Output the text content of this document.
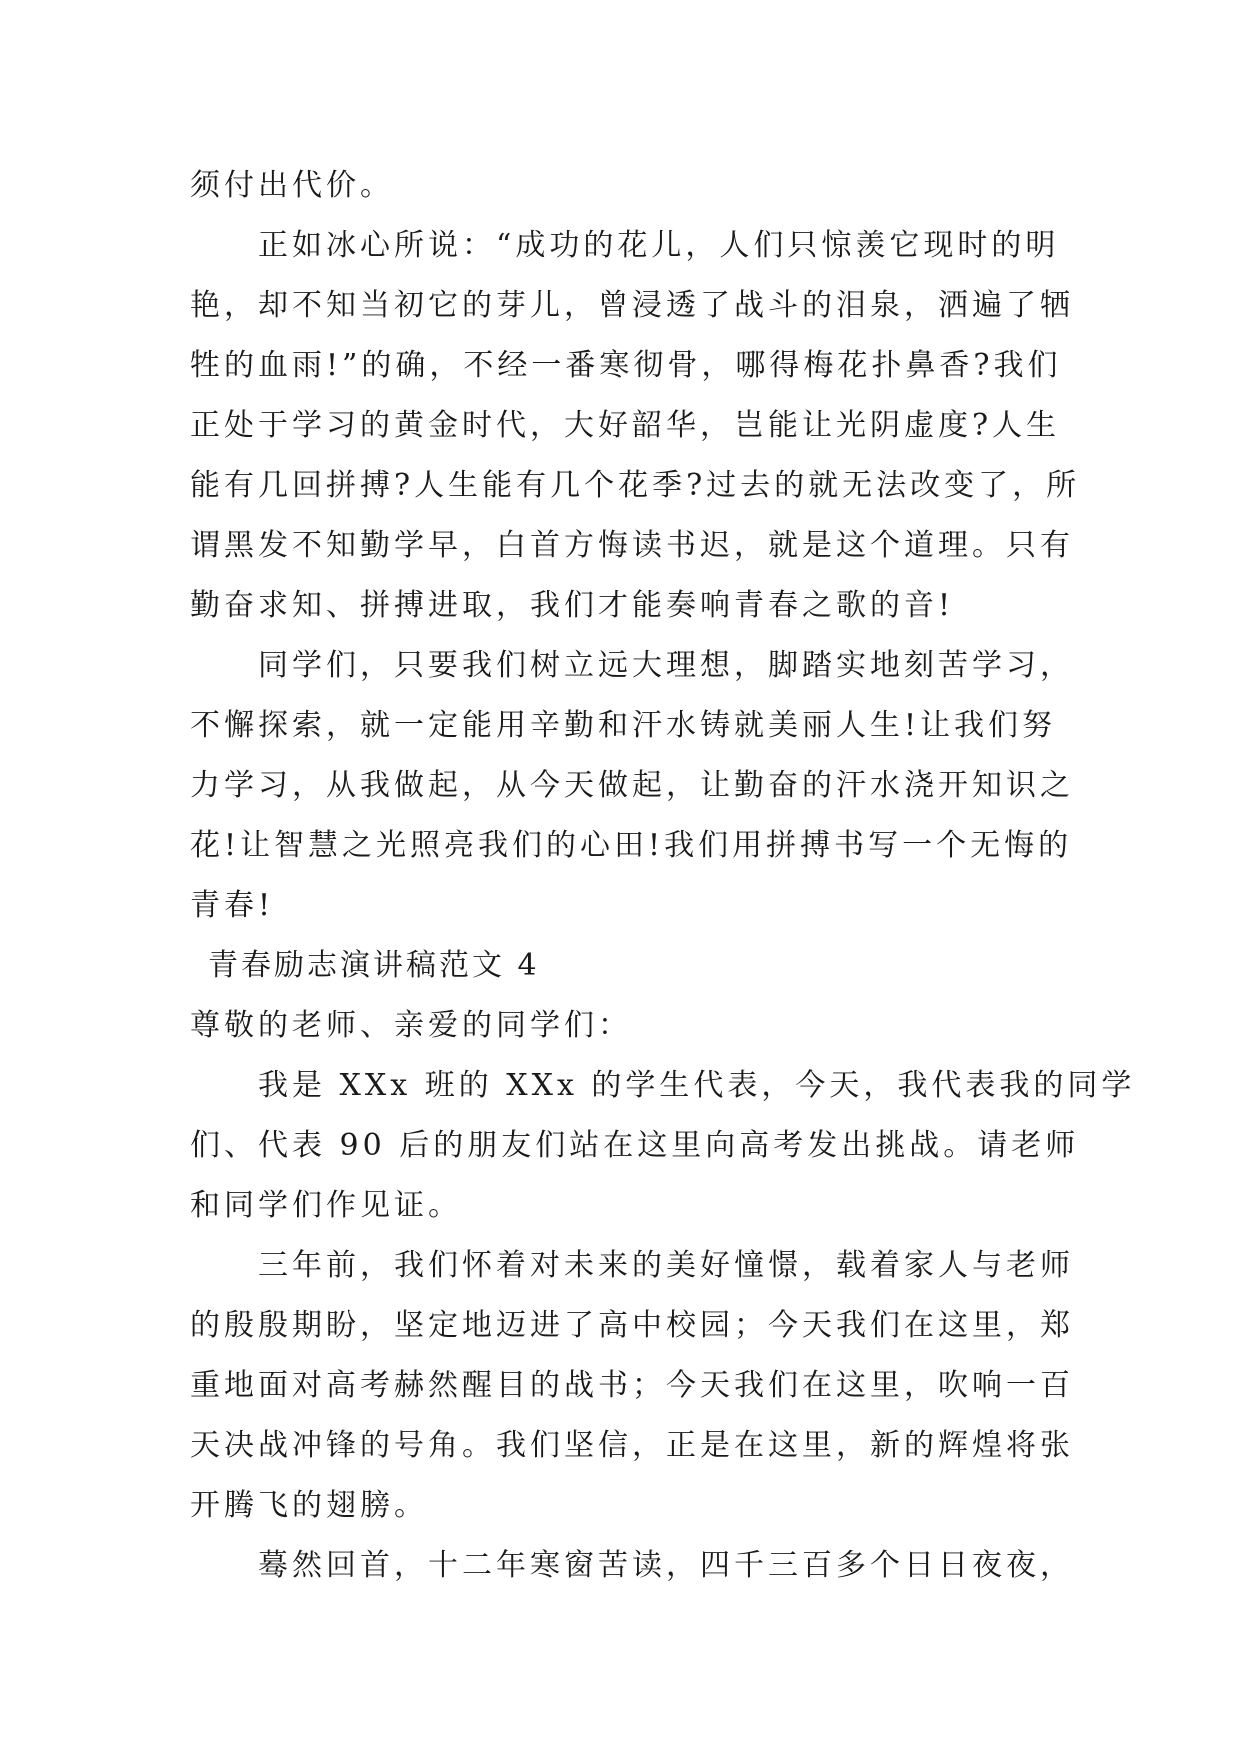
须付出代价。
正如冰心所说：“成功的花儿，人们只惊羡它现时的明
艳，却不知当初它的芽儿，曾浸透了战斗的泪泉，洒遍了牺
牲的血雨!”的确，不经一番寒彻骨，哪得梅花扑鼻香?我们
正处于学习的黄金时代，大好韶华，岂能让光阴虚度?人生
能有几回拼搏?人生能有几个花季?过去的就无法改变了，所
谓黑发不知勤学早，白首方悔读书迟，就是这个道理。只有
勤奋求知、拼搏进取，我们才能奏响青春之歌的音!
同学们，只要我们树立远大理想，脚踏实地刻苦学习，
不懈探索，就一定能用辛勤和汗水铸就美丽人生!让我们努
力学习，从我做起，从今天做起，让勤奋的汗水浇开知识之
花!让智慧之光照亮我们的心田!我们用拼搏书写一个无悔的
青春!
青春励志演讲稿范文 4
尊敬的老师、亲爱的同学们：
我是 XXx 班的 XXx 的学生代表，今天，我代表我的同学
们、代表 90 后的朋友们站在这里向高考发出挑战。请老师
和同学们作见证。
三年前，我们怀着对未来的美好憧憬，载着家人与老师
的殷殷期盼，坚定地迈进了高中校园；今天我们在这里，郑
重地面对高考赫然醒目的战书；今天我们在这里，吹响一百
天决战冲锋的号角。我们坚信，正是在这里，新的辉煌将张
开腾飞的翅膀。
蓦然回首，十二年寒窗苦读，四千三百多个日日夜夜，
